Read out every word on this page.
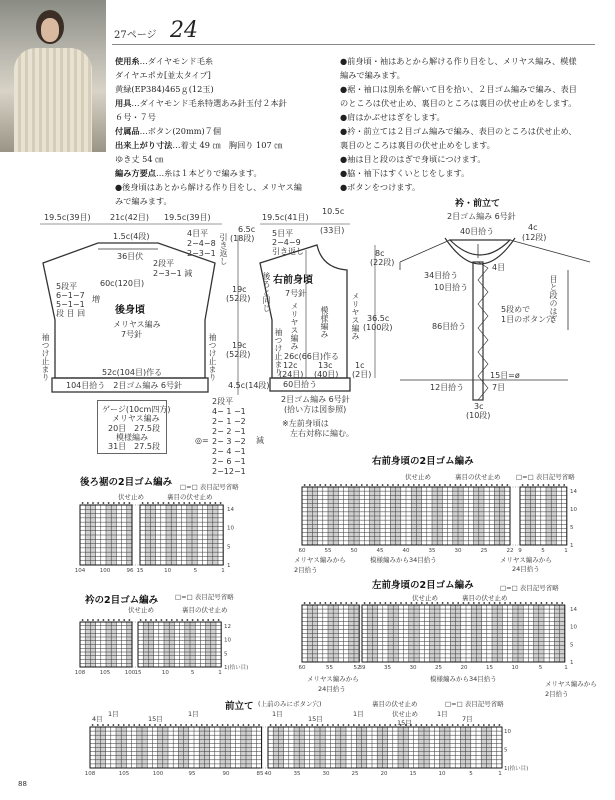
27ページ 24

使用糸…ダイヤモンド毛糸

ダイヤエポカ[並太タイプ]

黄緑(EP384)465ｇ(12玉)

用具…ダイヤモンド毛糸特選あみ針玉付２本針

６号・７号

付属品…ボタン(20mm)７個

出来上がり寸法…着丈 49 ㎝　胸回り 107 ㎝

ゆき丈 54 ㎝

編み方要点…糸は１本どりで編みます。

●後身頃はあとから解ける作り目をし、メリヤス編

みで編みます。

●前身頃・袖はあとから解ける作り目をし、メリヤス編み、模様

編みで編みます。

●裾・袖口は別糸を解いて目を拾い、２目ゴム編みで編み、表目

のところは伏せ止め、裏目のところは裏目の伏せ止めをします。

●肩はかぶせはぎをします。

●衿・前立ては２目ゴム編みで編み、表目のところは伏せ止め、

裏目のところは裏目の伏せ止めをします。

●袖は目と段のはぎで身頃につけます。

●脇・袖下はすくいとじをします。

●ボタンをつけます。

19.5c(39目) 21c(42目) 19.5c(39目)
1.5c(4段)
36目伏
4目平
2−4−8
2−3−1 引き返し
2段平
2−3−1 減
60c(120目)
5段平
6−1−7
5−1−1
段 目 回
増
後身頃
メリヤス編み
7号針
袖つけ止まり	袖つけ止まり
52c(104目)作る
104目拾う　2目ゴム編み 6号針
6.5c
(18段)
19c
(52段)
19c
(52段)
4.5c(14段)
後ろと同じ
19.5c(41目)
10.5c
(33目)
5目平
2−4−9
引き返し
右前身頃
7号針
メリヤス編み	模様編み	メリヤス編み
袖つけ止まり
8c
(22段)
36.5c
(100段)
26c(66目)作る
12c
(24目)
13c
(40目)
1c
(2目)
60目拾う
2目ゴム編み 6号針
(拾い方は図参照)
※左前身頃は
左右対称に編む。
2段平
4− 1 −1
2− 1 −2
2− 2 −1
2− 3 −2
2− 4 −1
2− 6 −1
2−12−1
◎=	減
ゲージ(10cm四方)
メリヤス編み
20目　27.5段
模様編み
31目　27.5段
衿・前立て
2目ゴム編み 6号針
40目拾う	4c
(12段)
34目拾う
10目拾う
86目拾う
12目拾う
4目
5段めで
1目のボタン穴
15目=ø
7目
目と段のはぎ
3c
(10段)
104	100	96 15	10	5	1
14
10
5
1
60	55	50	45	40	35	30	25	22 9	5	1
14
10
5
1
108	105	100 15	10	5	1
12
10
5
1(拾い目)	60	55	52
39	35	30	25	20	15	10	5	1
14
10
5
1
108	105	100	95	90	85 40	35	30	25	20	15	10	5	1
10
5
1(拾い目)
後ろ裾の2目ゴム編み □=□ 表目記号省略
伏せ止め	裏目の伏せ止め
右前身頃の2目ゴム編み
□=□ 表目記号省略
伏せ止め	裏目の伏せ止め
メリヤス編みから
2目拾う
模様編みから34目拾う	メリヤス編みから
24目拾う
衿の2目ゴム編み	□=□ 表目記号省略
伏せ止め	裏目の伏せ止め
左前身頃の2目ゴム編み	□=□ 表目記号省略
伏せ止め	裏目の伏せ止め
メリヤス編みから
24目拾う
模様編みから34目拾う
メリヤス編みから
2目拾う
前立て (上前のみにボタン穴)	□=□ 表目記号省略
裏目の伏せ止め
伏せ止め
4目
1目
15目
1目	1目
15目
1目
15目
1目
7目
88
